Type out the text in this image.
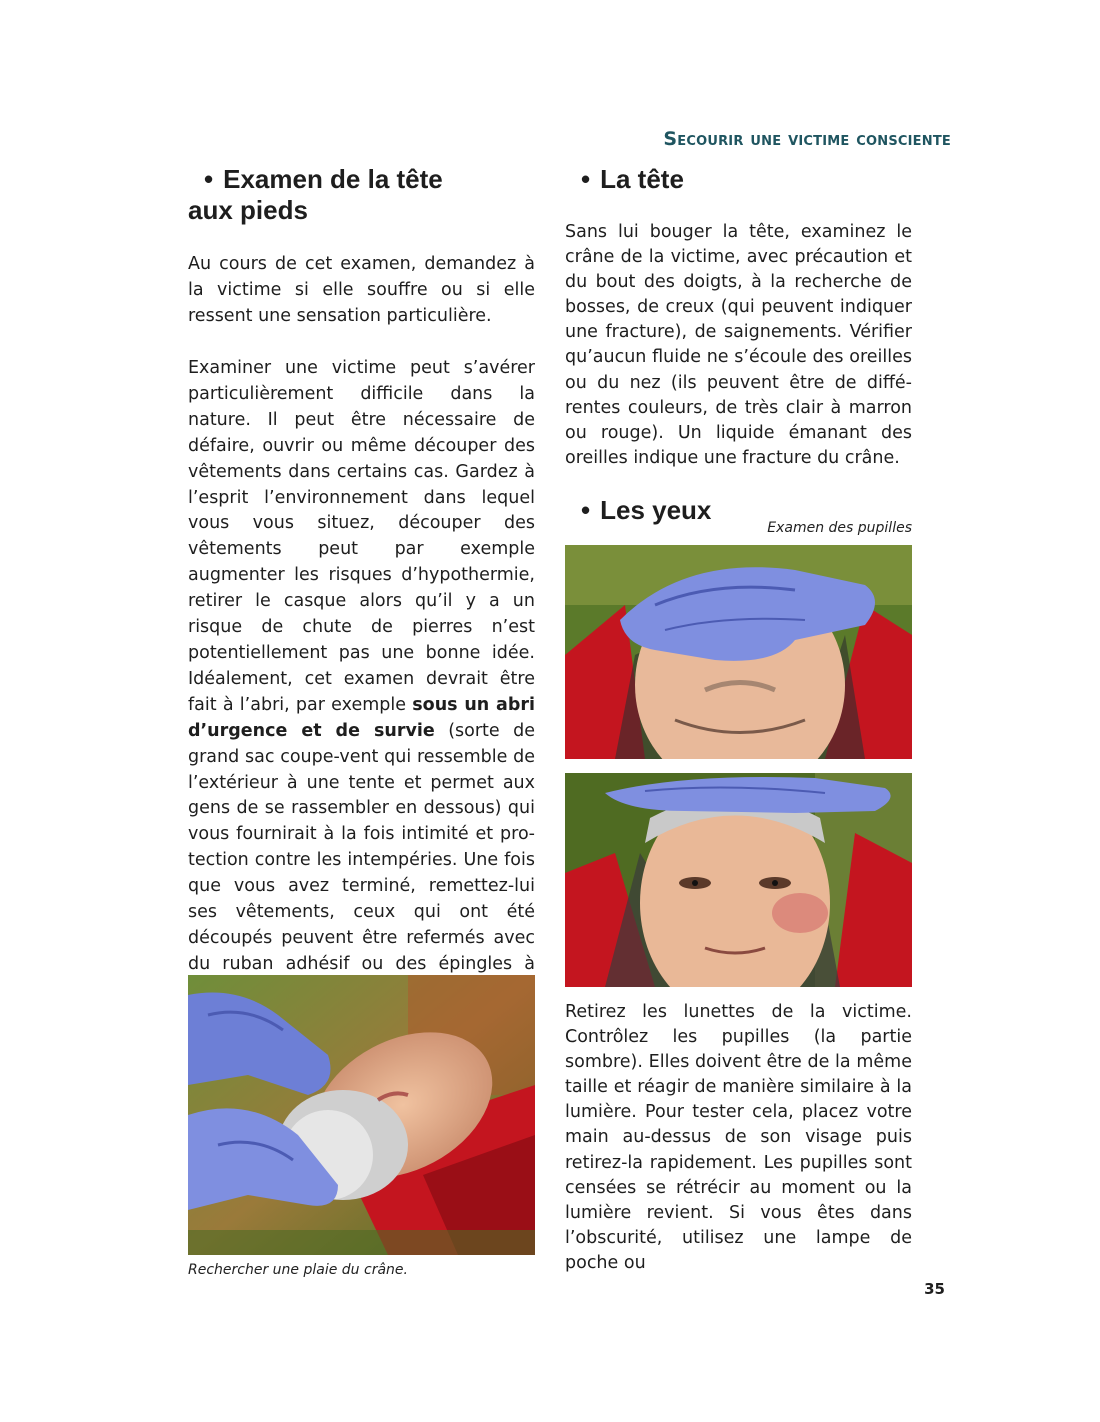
Secourir une victime consciente
• Examen de la tête
aux pieds

Au cours de cet examen, demandez à la victime si elle souffre ou si elle ressent une sensation particulière.

Examiner une victime peut s’avérer particulièrement difficile dans la nature. Il peut être nécessaire de défaire, ouvrir ou même découper des vêtements dans certains cas. Gardez à l’esprit l’environnement dans lequel vous vous situez, découper des vêtements peut par exemple augmenter les risques d’hypothermie, retirer le casque alors qu’il y a un risque de chute de pierres n’est potentiellement pas une bonne idée. Idéalement, cet examen devrait être fait à l’abri, par exemple sous un abri d’urgence et de survie (sorte de grand sac coupe-vent qui ressemble de l’extérieur à une tente et permet aux gens de se rassembler en dessous) qui vous fournirait à la fois intimité et protection contre les intempéries. Une fois que vous avez terminé, remettez-lui ses vêtements, ceux qui ont été découpés peuvent être refermés avec du ruban adhésif ou des épingles à

Rechercher une plaie du crâne.
• La tête

Sans lui bouger la tête, examinez le crâne de la victime, avec précaution et du bout des doigts, à la recherche de bosses, de creux (qui peuvent indiquer une fracture), de saignements. Vérifier qu’aucun fluide ne s’écoule des oreilles ou du nez (ils peuvent être de différentes couleurs, de très clair à marron ou rouge). Un liquide émanant des oreilles indique une fracture du crâne.

• Les yeux
Examen des pupilles

Retirez les lunettes de la victime. Contrôlez les pupilles (la partie sombre). Elles doivent être de la même taille et réagir de manière similaire à la lumière. Pour tester cela, placez votre main au-dessus de son visage puis retirez-la rapidement. Les pupilles sont censées se rétrécir au moment ou la lumière revient. Si vous êtes dans l’obscurité, utilisez une lampe de poche ou

35
